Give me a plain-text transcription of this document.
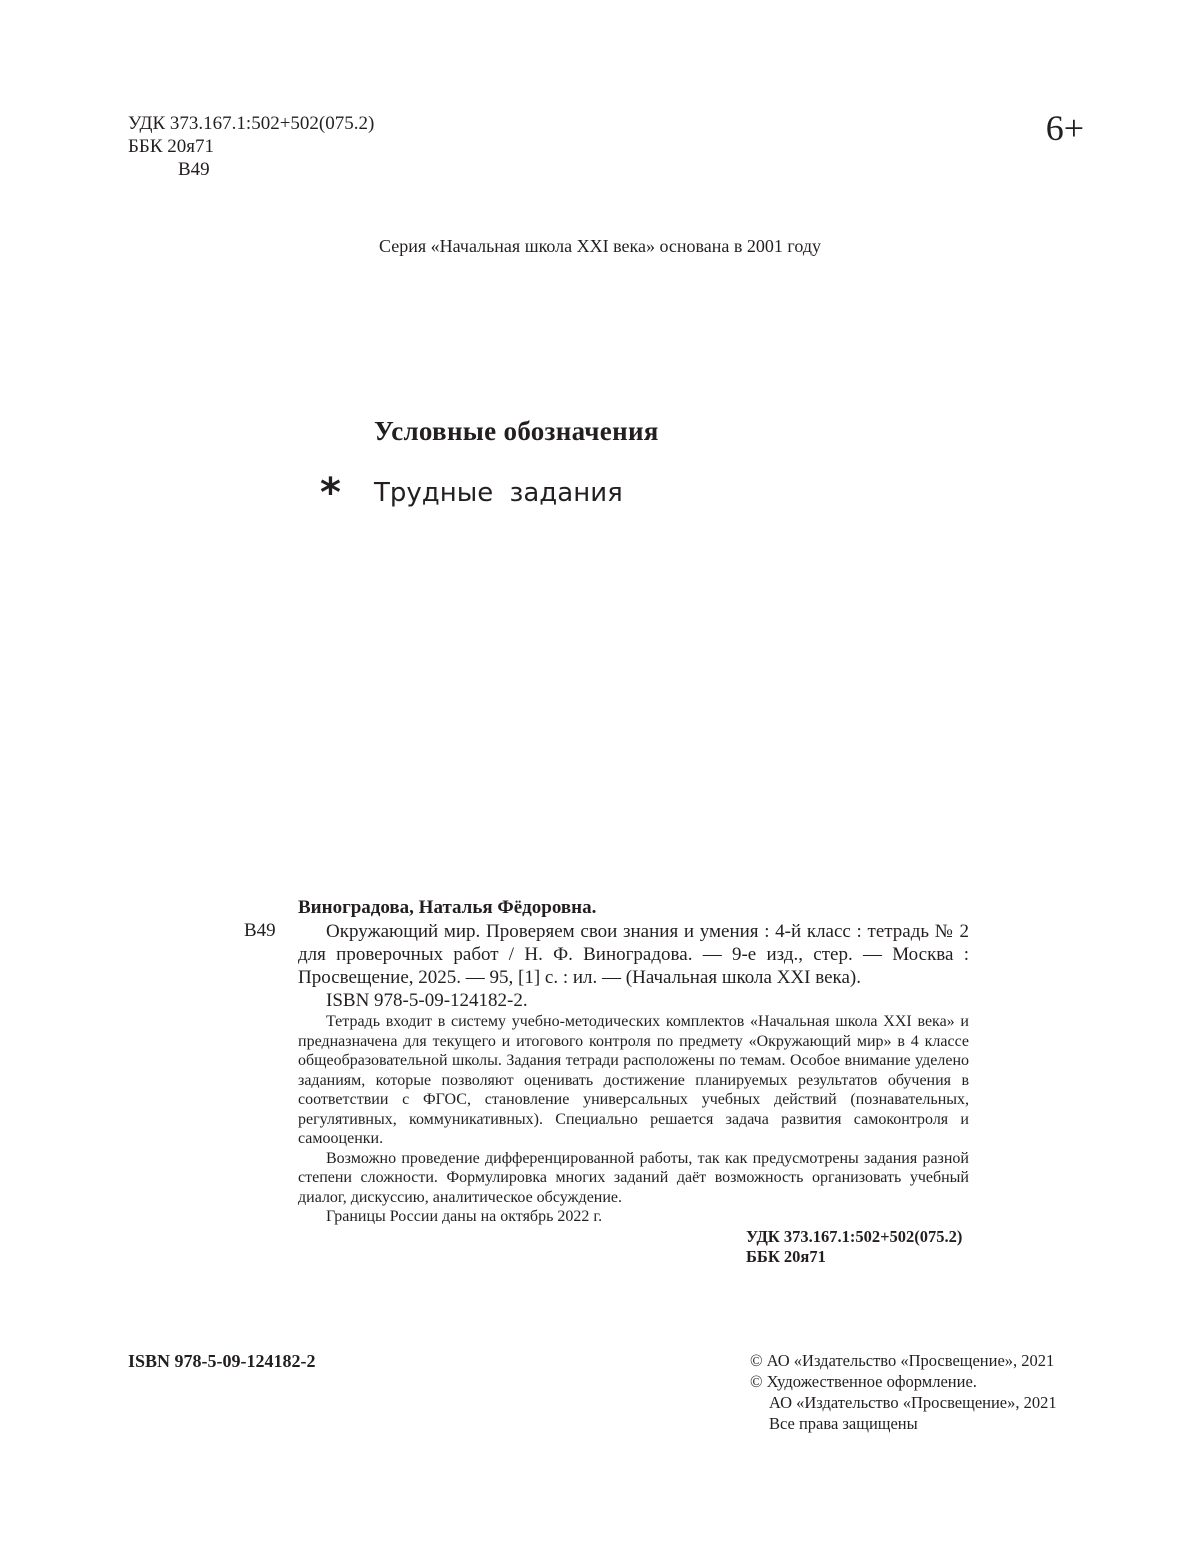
УДК 373.167.1:502+502(075.2)
ББК 20я71
В49
6+
Серия «Начальная школа XXI века» основана в 2001 году
Условные обозначения
* Трудные задания
В49
Виноградова, Наталья Фёдоровна.

Окружающий мир. Проверяем свои знания и умения : 4-й класс : тетрадь № 2 для проверочных работ / Н. Ф. Виноградова. — 9-е изд., стер. — Москва : Просвещение, 2025. — 95, [1] с. : ил. — (Начальная школа XXI века).

ISBN 978-5-09-124182-2.

Тетрадь входит в систему учебно-методических комплектов «Начальная школа XXI века» и предназначена для текущего и итогового контроля по предмету «Окружающий мир» в 4 классе общеобразовательной школы. Задания тетради расположены по темам. Особое внимание уделено заданиям, которые позволяют оценивать достижение планируемых результатов обучения в соответствии с ФГОС, становление универсальных учебных действий (познавательных, регулятивных, коммуникативных). Специально решается задача развития самоконтроля и самооценки.

Возможно проведение дифференцированной работы, так как предусмотрены задания разной степени сложности. Формулировка многих заданий даёт возможность организовать учебный диалог, дискуссию, аналитическое обсуждение.

Границы России даны на октябрь 2022 г.

УДК 373.167.1:502+502(075.2)
ББК 20я71
ISBN 978-5-09-124182-2	© АО «Издательство «Просвещение», 2021
© Художественное оформление.
АО «Издательство «Просвещение», 2021
Все права защищены
